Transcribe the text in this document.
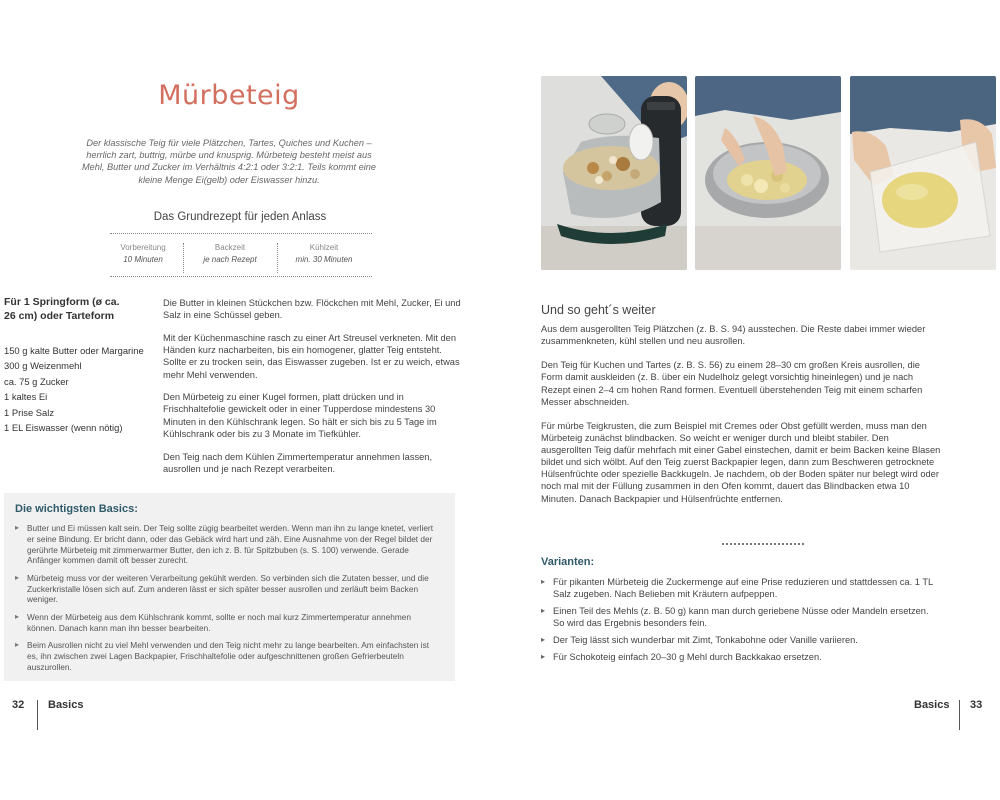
Mürbeteig
Der klassische Teig für viele Plätzchen, Tartes, Quiches und Kuchen – herrlich zart, buttrig, mürbe und knusprig. Mürbeteig besteht meist aus Mehl, Butter und Zucker im Verhältnis 4:2:1 oder 3:2:1. Teils kommt eine kleine Menge Ei(gelb) oder Eiswasser hinzu.
Das Grundrezept für jeden Anlass
Vorbereitung
10 Minuten
Backzeit
je nach Rezept
Kühlzeit
min. 30 Minuten
Für 1 Springform (ø ca. 26 cm) oder Tarteform
150 g kalte Butter oder Margarine
300 g Weizenmehl
ca. 75 g Zucker
1 kaltes Ei
1 Prise Salz
1 EL Eiswasser (wenn nötig)

Die Butter in kleinen Stückchen bzw. Flöckchen mit Mehl, Zucker, Ei und Salz in eine Schüssel geben.

Mit der Küchenmaschine rasch zu einer Art Streusel verkneten. Mit den Händen kurz nacharbeiten, bis ein homogener, glatter Teig entsteht. Sollte er zu trocken sein, das Eiswasser zugeben. Ist er zu weich, etwas mehr Mehl verwenden.

Den Mürbeteig zu einer Kugel formen, platt drücken und in Frischhaltefolie gewickelt oder in einer Tupperdose mindestens 30 Minuten in den Kühlschrank legen. So hält er sich bis zu 5 Tage im Kühlschrank oder bis zu 3 Monate im Tiefkühler.

Den Teig nach dem Kühlen Zimmertemperatur annehmen lassen, ausrollen und je nach Rezept verarbeiten.

Die wichtigsten Basics:
▸ Butter und Ei müssen kalt sein. Der Teig sollte zügig bearbeitet werden. Wenn man ihn zu lange knetet, verliert er seine Bindung. Er bricht dann, oder das Gebäck wird hart und zäh. Eine Ausnahme von der Regel bildet der gerührte Mürbeteig mit zimmerwarmer Butter, den ich z. B. für Spitzbuben (s. S. 100) verwende. Gerade Anfänger kommen damit oft besser zurecht.
▸ Mürbeteig muss vor der weiteren Verarbeitung gekühlt werden. So verbinden sich die Zutaten besser, und die Zuckerkristalle lösen sich auf. Zum anderen lässt er sich später besser ausrollen und zerläuft beim Backen weniger.
▸ Wenn der Mürbeteig aus dem Kühlschrank kommt, sollte er noch mal kurz Zimmertemperatur annehmen können. Danach kann man ihn besser bearbeiten.
▸ Beim Ausrollen nicht zu viel Mehl verwenden und den Teig nicht mehr zu lange bearbeiten. Am einfachsten ist es, ihn zwischen zwei Lagen Backpapier, Frischhaltefolie oder aufgeschnittenen großen Gefrierbeuteln auszurollen.
32 Basics
Und so geht´s weiter

Aus dem ausgerollten Teig Plätzchen (z. B. S. 94) ausstechen. Die Reste dabei immer wieder zusammenkneten, kühl stellen und neu ausrollen.

Den Teig für Kuchen und Tartes (z. B. S. 56) zu einem 28–30 cm großen Kreis ausrollen, die Form damit auskleiden (z. B. über ein Nudelholz gelegt vorsichtig hineinlegen) und je nach Rezept einen 2–4 cm hohen Rand formen. Eventuell überstehenden Teig mit einem scharfen Messer abschneiden.

Für mürbe Teigkrusten, die zum Beispiel mit Cremes oder Obst gefüllt werden, muss man den Mürbeteig zunächst blindbacken. So weicht er weniger durch und bleibt stabiler. Den ausgerollten Teig dafür mehrfach mit einer Gabel einstechen, damit er beim Backen keine Blasen bildet und sich wölbt. Auf den Teig zuerst Backpapier legen, dann zum Beschweren getrocknete Hülsenfrüchte oder spezielle Backkugeln. Je nachdem, ob der Boden später nur belegt wird oder noch mal mit der Füllung zusammen in den Ofen kommt, dauert das Blindbacken etwa 10 Minuten. Danach Backpapier und Hülsenfrüchte entfernen.

Varianten:
▸ Für pikanten Mürbeteig die Zuckermenge auf eine Prise reduzieren und stattdessen ca. 1 TL Salz zugeben. Nach Belieben mit Kräutern aufpeppen.
▸ Einen Teil des Mehls (z. B. 50 g) kann man durch geriebene Nüsse oder Mandeln ersetzen. So wird das Ergebnis besonders fein.
▸ Der Teig lässt sich wunderbar mit Zimt, Tonkabohne oder Vanille variieren.
▸ Für Schokoteig einfach 20–30 g Mehl durch Backkakao ersetzen.
Basics 33
